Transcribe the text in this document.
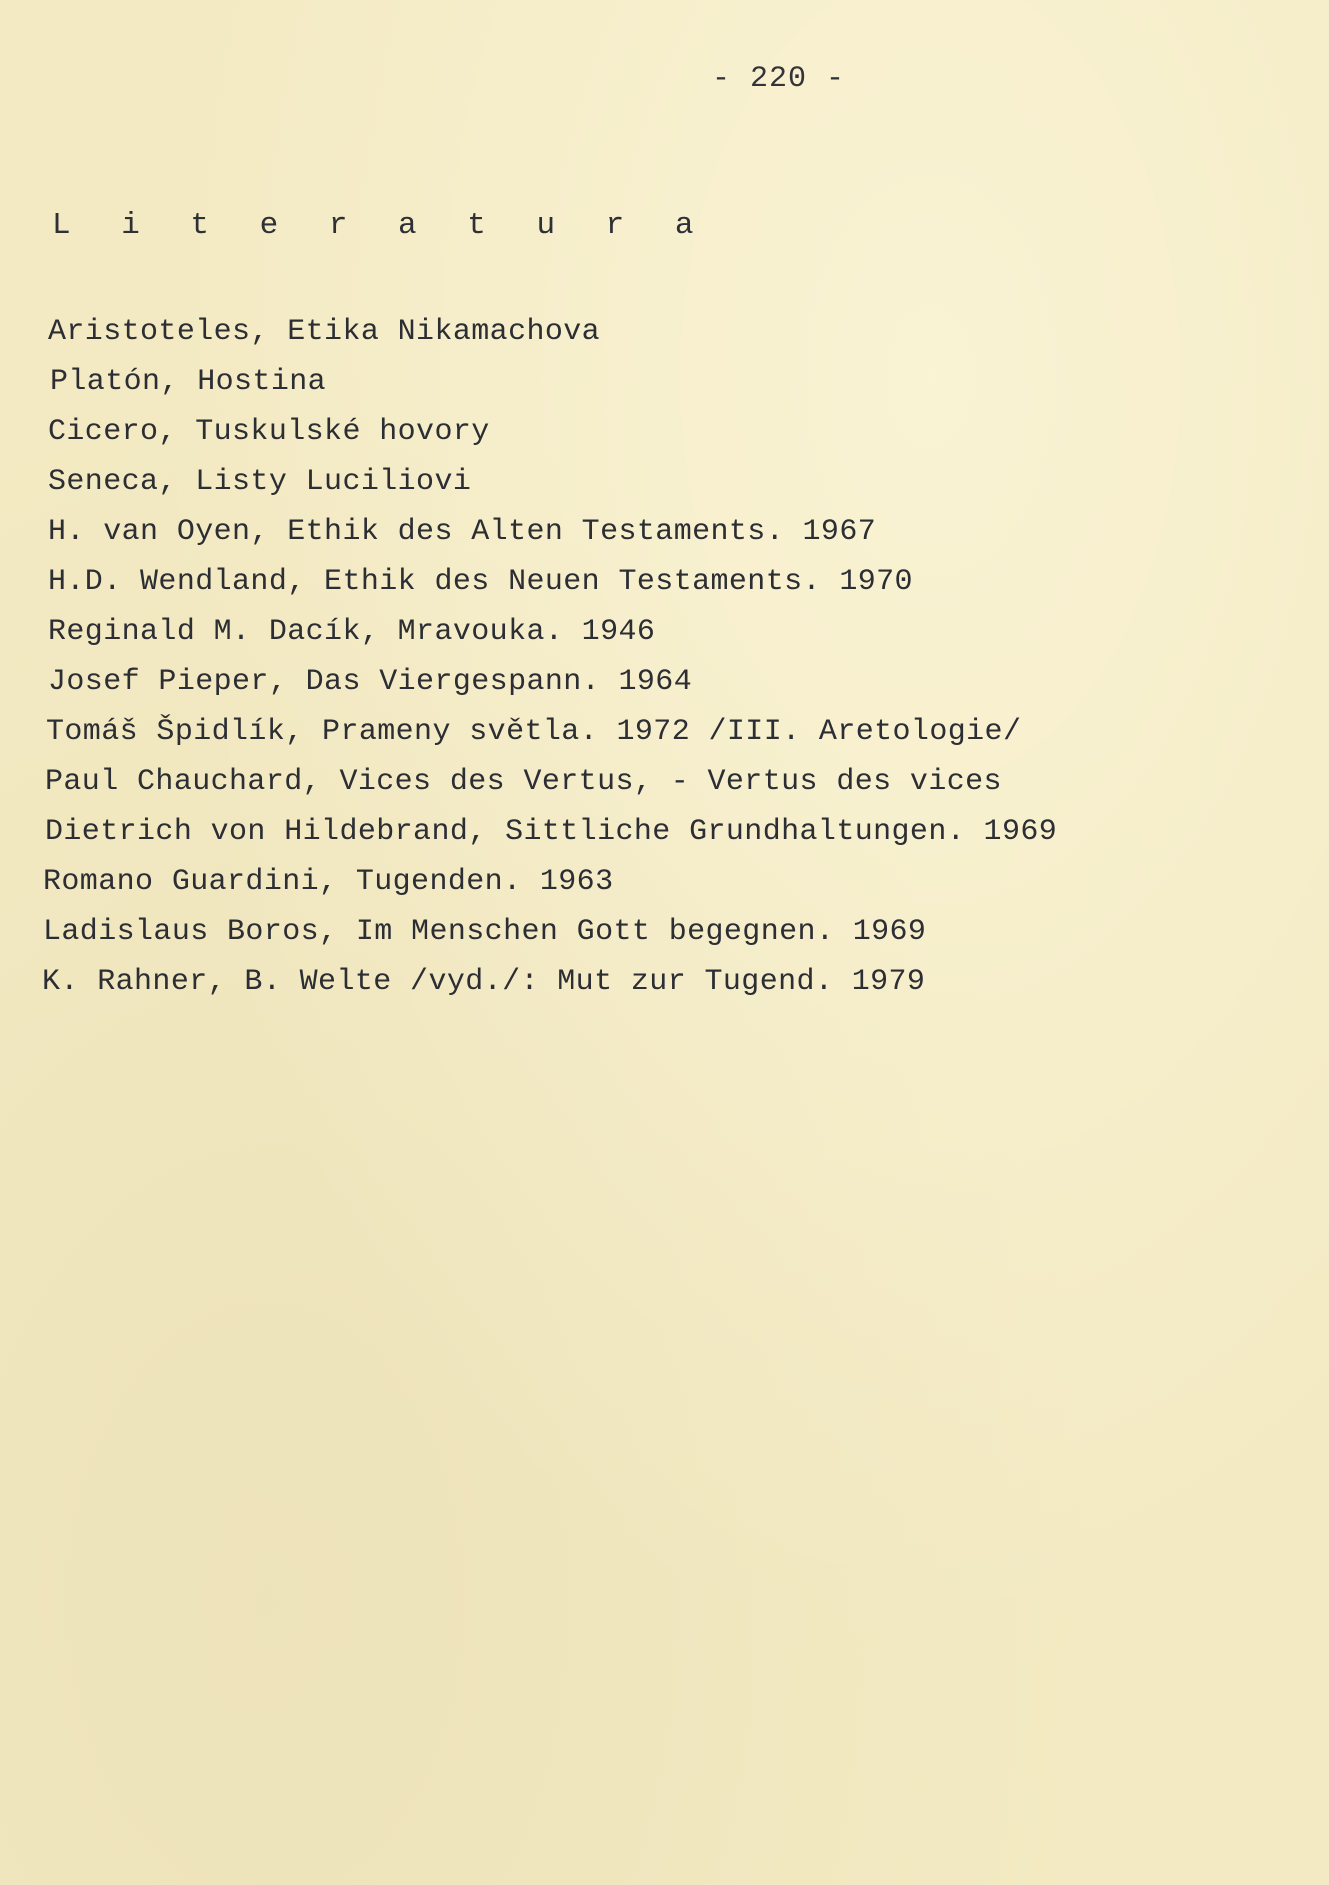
- 220 -
L i t e r a t u r a
Aristoteles, Etika Nikamachova
Platón, Hostina
Cicero, Tuskulské hovory
Seneca, Listy Luciliovi
H. van Oyen, Ethik des Alten Testaments. 1967
H.D. Wendland, Ethik des Neuen Testaments. 1970
Reginald M. Dacík, Mravouka. 1946
Josef Pieper, Das Viergespann. 1964
Tomáš Špidlík, Prameny světla. 1972 /III. Aretologie/
Paul Chauchard, Vices des Vertus, - Vertus des vices
Dietrich von Hildebrand, Sittliche Grundhaltungen. 1969
Romano Guardini, Tugenden. 1963
Ladislaus Boros, Im Menschen Gott begegnen. 1969
K. Rahner, B. Welte /vyd./: Mut zur Tugend. 1979
